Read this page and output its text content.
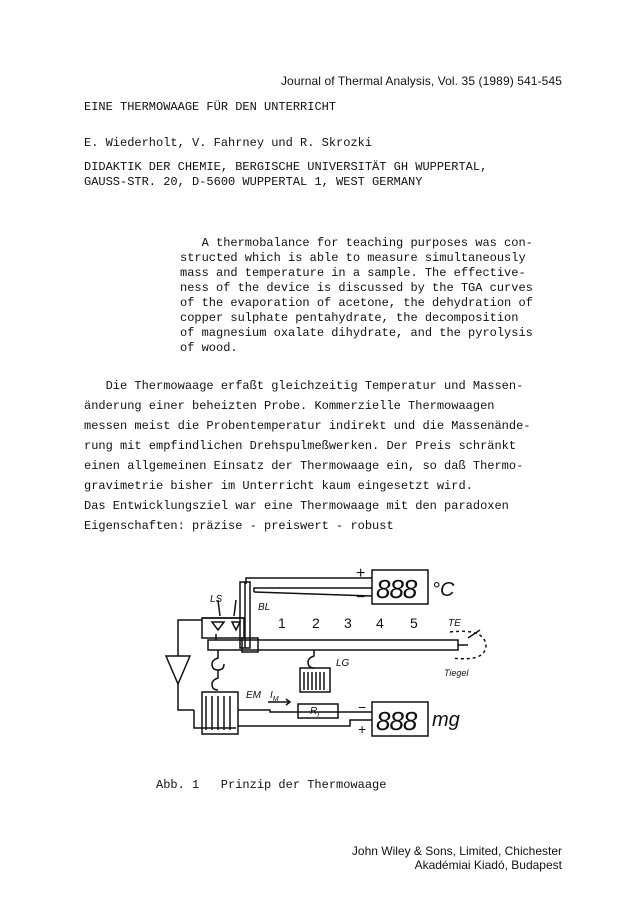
Journal of Thermal Analysis, Vol. 35 (1989) 541-545
EINE THERMOWAAGE FÜR DEN UNTERRICHT
E. Wiederholt, V. Fahrney und R. Skrozki
DIDAKTIK DER CHEMIE, BERGISCHE UNIVERSITÄT GH WUPPERTAL,
GAUSS-STR. 20, D-5600 WUPPERTAL 1, WEST GERMANY
A thermobalance for teaching purposes was con-
structed which is able to measure simultaneously
mass and temperature in a sample. The effective-
ness of the device is discussed by the TGA curves
of the evaporation of acetone, the dehydration of
copper sulphate pentahydrate, the decomposition
of magnesium oxalate dihydrate, and the pyrolysis
of wood.
Die Thermowaage erfaßt gleichzeitig Temperatur und Massen-
änderung einer beheizten Probe. Kommerzielle Thermowaagen
messen meist die Probentemperatur indirekt und die Massenände-
rung mit empfindlichen Drehspulmeßwerken. Der Preis schränkt
einen allgemeinen Einsatz der Thermowaage ein, so daß Thermo-
gravimetrie bisher im Unterricht kaum eingesetzt wird.
Das Entwicklungsziel war eine Thermowaage mit den paradoxen
Eigenschaften: präzise - preiswert - robust
LS
BL
TE
LG
EM $I_M$
$R_I$
Tiegel
1 2 3 4 5
+
−
−
+
888
888
°C
mg
Abb. 1   Prinzip der Thermowaage
John Wiley & Sons, Limited, Chichester
Akadémiai Kiadó, Budapest
